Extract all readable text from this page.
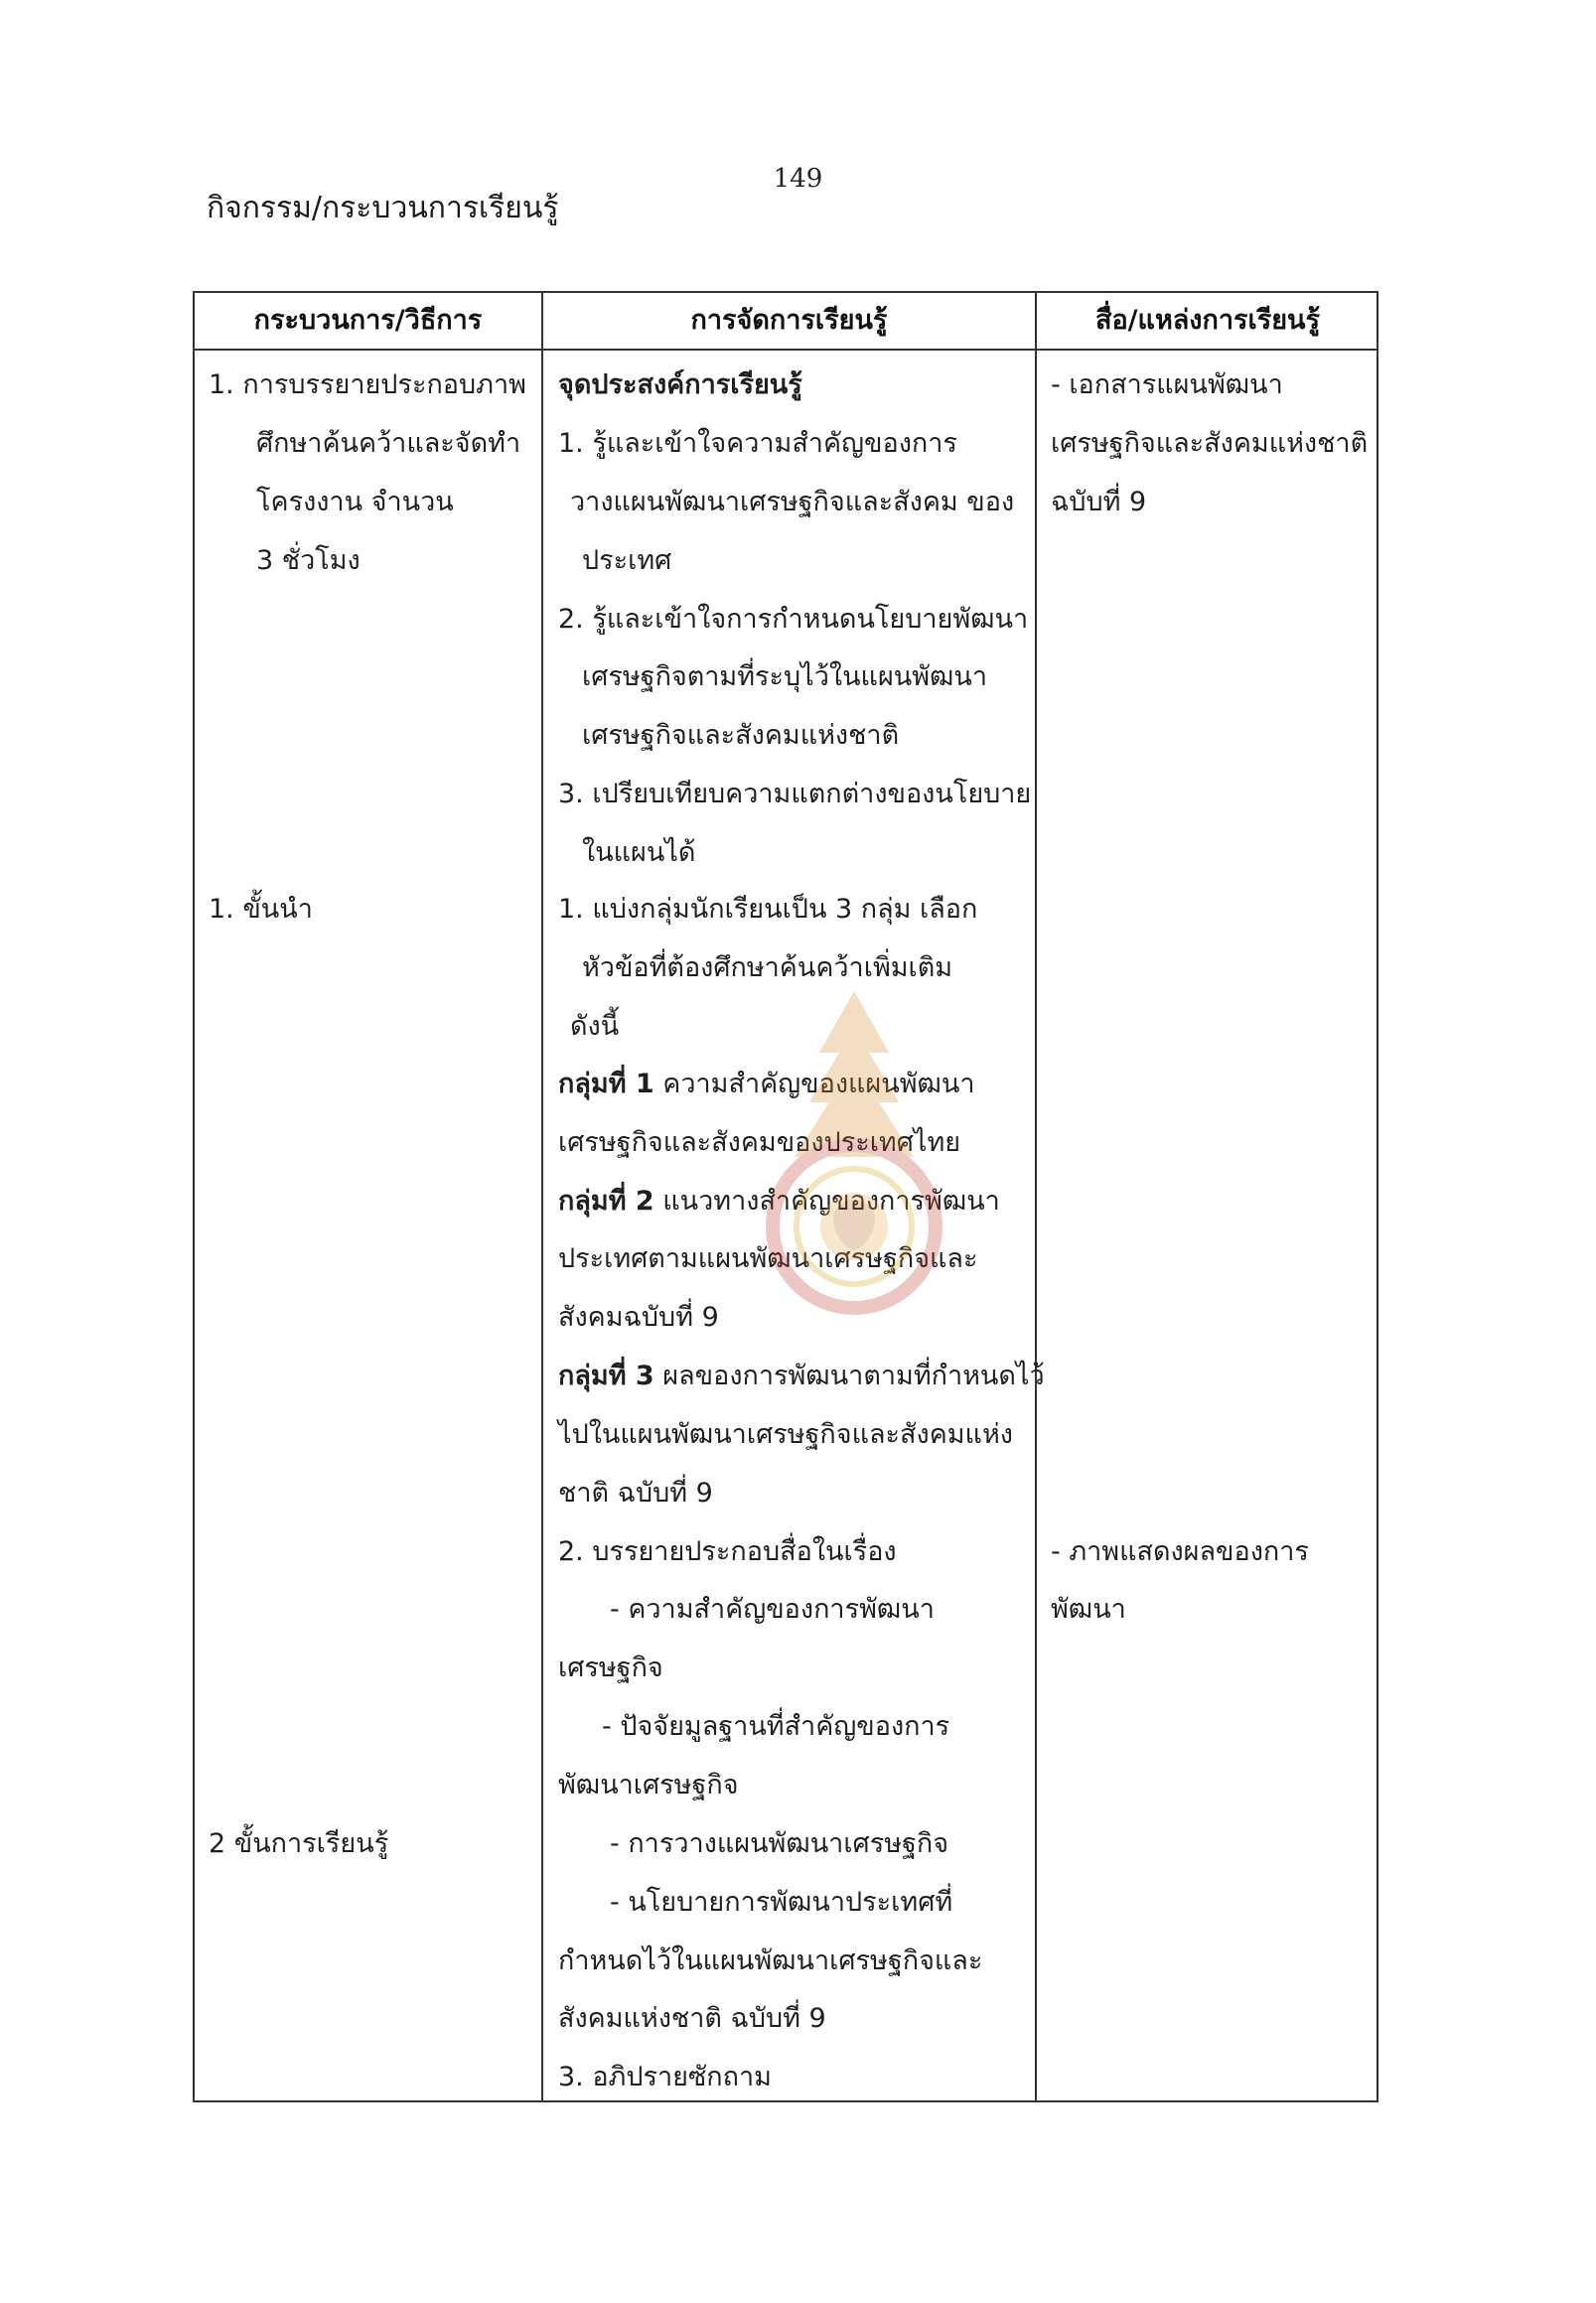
149
กิจกรรม/กระบวนการเรียนรู้
กระบวนการ/วิธีการ	การจัดการเรียนรู้	สื่อ/แหล่งการเรียนรู้
1. การบรรยายประกอบภาพ
ศึกษาค้นคว้าและจัดทำ
โครงงาน จำนวน
3 ชั่วโมง
1. ขั้นนำ
2 ขั้นการเรียนรู้
จุดประสงค์การเรียนรู้
1. รู้และเข้าใจความสำคัญของการ
วางแผนพัฒนาเศรษฐกิจและสังคม ของ
ประเทศ
2. รู้และเข้าใจการกำหนดนโยบายพัฒนา
เศรษฐกิจตามที่ระบุไว้ในแผนพัฒนา
เศรษฐกิจและสังคมแห่งชาติ
3. เปรียบเทียบความแตกต่างของนโยบาย
ในแผนได้
1. แบ่งกลุ่มนักเรียนเป็น 3 กลุ่ม เลือก
หัวข้อที่ต้องศึกษาค้นคว้าเพิ่มเติม
ดังนี้
กลุ่มที่ 1 ความสำคัญของแผนพัฒนา
เศรษฐกิจและสังคมของประเทศไทย
กลุ่มที่ 2 แนวทางสำคัญของการพัฒนา
ประเทศตามแผนพัฒนาเศรษฐกิจและ
สังคมฉบับที่ 9
กลุ่มที่ 3 ผลของการพัฒนาตามที่กำหนดไว้
ไปในแผนพัฒนาเศรษฐกิจและสังคมแห่ง
ชาติ ฉบับที่ 9
2. บรรยายประกอบสื่อในเรื่อง
- ความสำคัญของการพัฒนา
เศรษฐกิจ
- ปัจจัยมูลฐานที่สำคัญของการ
พัฒนาเศรษฐกิจ
- การวางแผนพัฒนาเศรษฐกิจ
- นโยบายการพัฒนาประเทศที่
กำหนดไว้ในแผนพัฒนาเศรษฐกิจและ
สังคมแห่งชาติ ฉบับที่ 9
3. อภิปรายซักถาม
- เอกสารแผนพัฒนา
เศรษฐกิจและสังคมแห่งชาติ
ฉบับที่ 9
- ภาพแสดงผลของการ
พัฒนา
